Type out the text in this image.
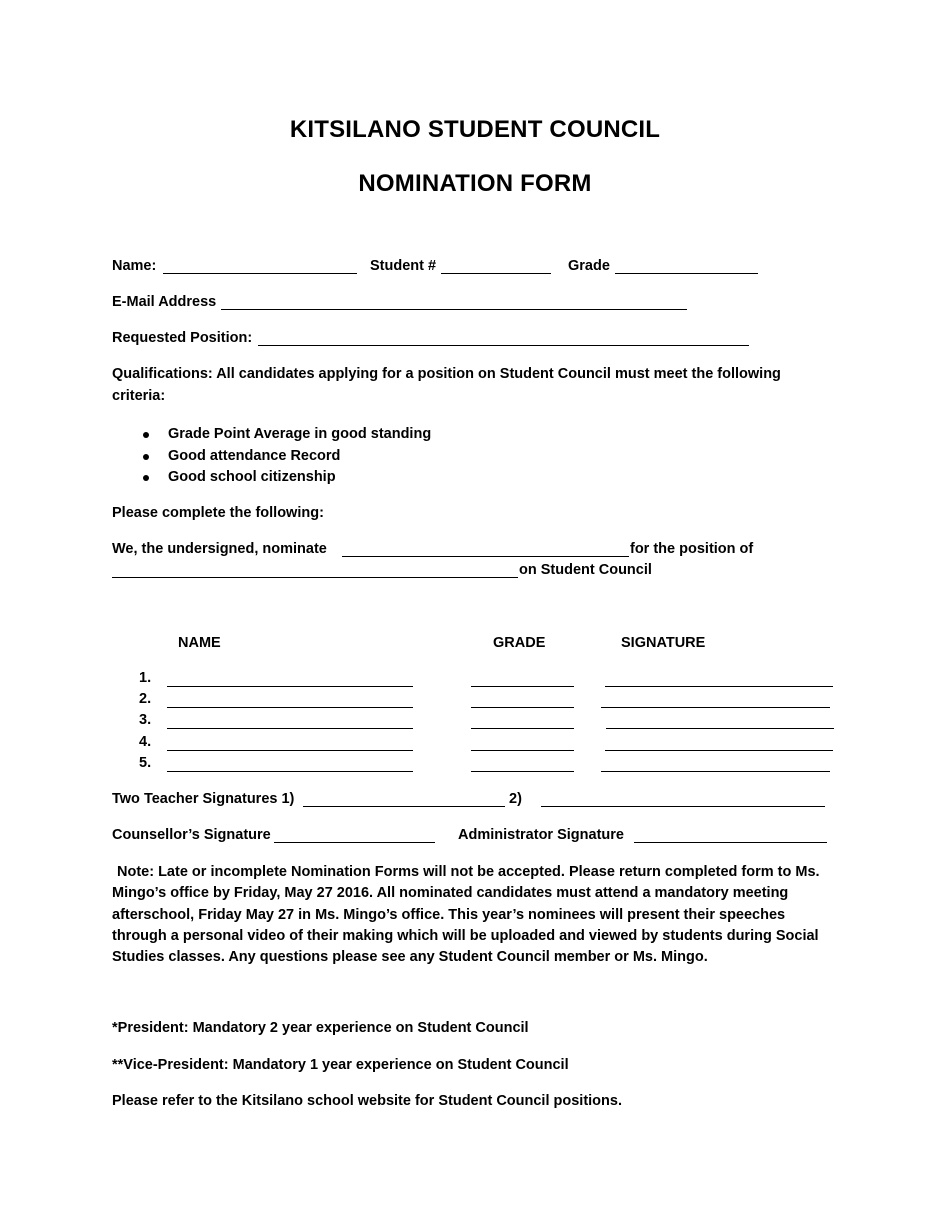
KITSILANO STUDENT COUNCIL
NOMINATION FORM
Name:	Student #	Grade
E-Mail Address
Requested Position:
Qualifications: All candidates applying for a position on Student Council must meet the following
criteria:
Grade Point Average in good standing
Good attendance Record
Good school citizenship
Please complete the following:
We, the undersigned, nominate	for the position of
on Student Council
NAME	GRADE	SIGNATURE
1.
2.
3.
4.
5.
Two Teacher Signatures 1)	2)
Counsellor’s Signature	Administrator Signature
Note: Late or incomplete Nomination Forms will not be accepted. Please return completed form to Ms. Mingo’s office by Friday, May 27 2016. All nominated candidates must attend a mandatory meeting afterschool, Friday May 27 in Ms. Mingo’s office. This year’s nominees will present their speeches through a personal video of their making which will be uploaded and viewed by students during Social Studies classes. Any questions please see any Student Council member or Ms. Mingo.
*President: Mandatory 2 year experience on Student Council
**Vice-President: Mandatory 1 year experience on Student Council
Please refer to the Kitsilano school website for Student Council positions.
